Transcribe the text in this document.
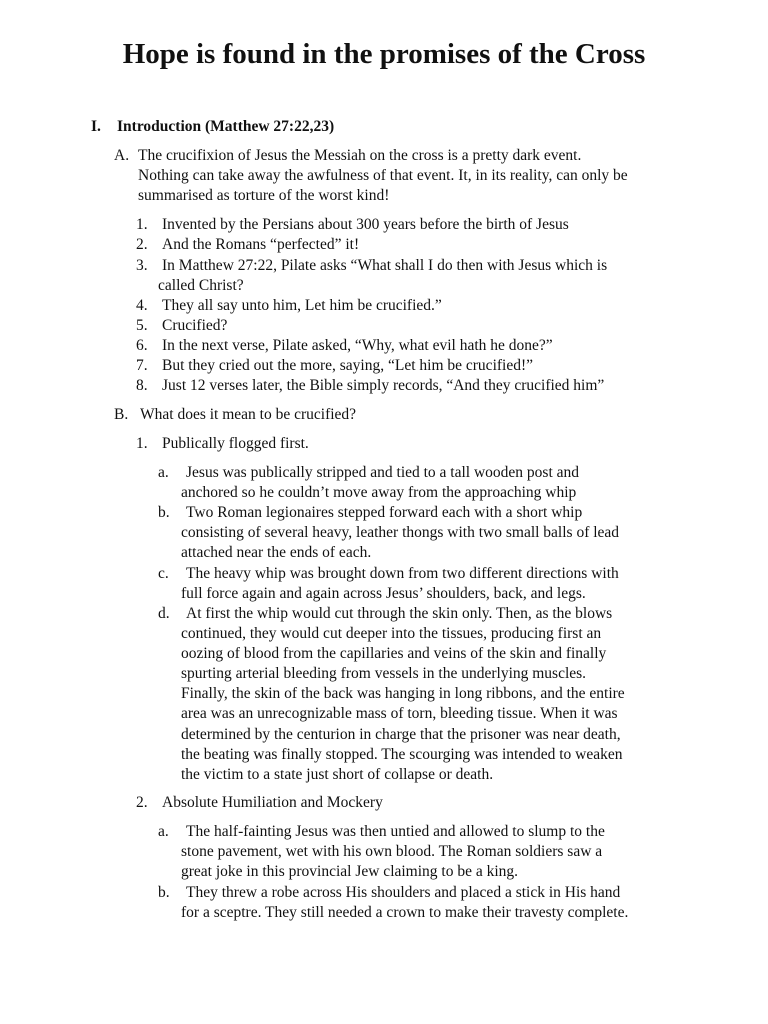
Hope is found in the promises of the Cross
I. Introduction (Matthew 27:22,23)
A. The crucifixion of Jesus the Messiah on the cross is a pretty dark event.
Nothing can take away the awfulness of that event. It, in its reality, can only be
summarised as torture of the worst kind!
1. Invented by the Persians about 300 years before the birth of Jesus
2. And the Romans “perfected” it!
3. In Matthew 27:22, Pilate asks “What shall I do then with Jesus which is
called Christ?
4. They all say unto him, Let him be crucified.”
5. Crucified?
6. In the next verse, Pilate asked, “Why, what evil hath he done?”
7. But they cried out the more, saying, “Let him be crucified!”
8. Just 12 verses later, the Bible simply records, “And they crucified him”
B. What does it mean to be crucified?
1. Publically flogged first.
a. Jesus was publically stripped and tied to a tall wooden post and
anchored so he couldn’t move away from the approaching whip
b. Two Roman legionaires stepped forward each with a short whip
consisting of several heavy, leather thongs with two small balls of lead
attached near the ends of each.
c. The heavy whip was brought down from two different directions with
full force again and again across Jesus’ shoulders, back, and legs.
d. At first the whip would cut through the skin only. Then, as the blows
continued, they would cut deeper into the tissues, producing first an
oozing of blood from the capillaries and veins of the skin and finally
spurting arterial bleeding from vessels in the underlying muscles.
Finally, the skin of the back was hanging in long ribbons, and the entire
area was an unrecognizable mass of torn, bleeding tissue. When it was
determined by the centurion in charge that the prisoner was near death,
the beating was finally stopped. The scourging was intended to weaken
the victim to a state just short of collapse or death.
2. Absolute Humiliation and Mockery
a. The half-fainting Jesus was then untied and allowed to slump to the
stone pavement, wet with his own blood. The Roman soldiers saw a
great joke in this provincial Jew claiming to be a king.
b. They threw a robe across His shoulders and placed a stick in His hand
for a sceptre. They still needed a crown to make their travesty complete.
